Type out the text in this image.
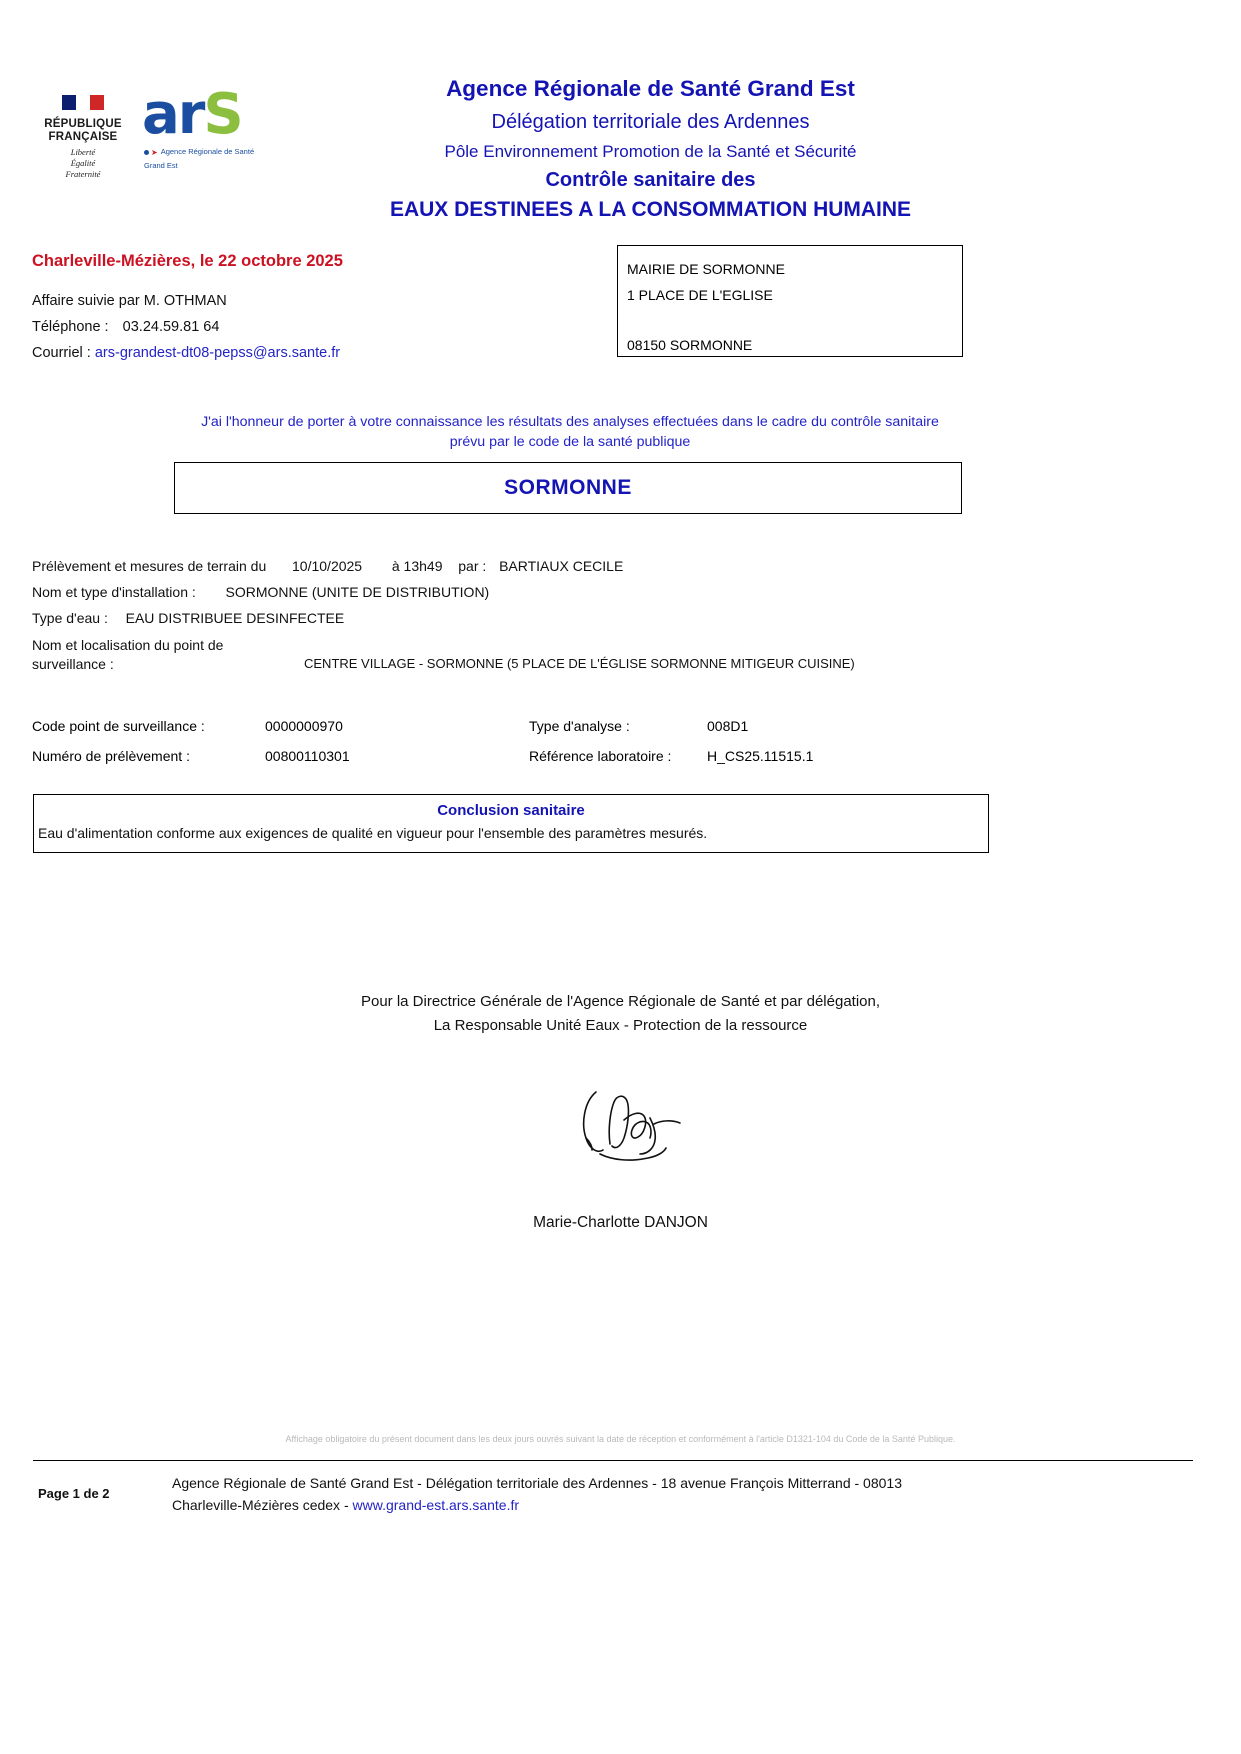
RÉPUBLIQUE
FRANÇAISE
Liberté
Égalité
Fraternité
arS
➤ Agence Régionale de Santé
Grand Est
Agence Régionale de Santé Grand Est
Délégation territoriale des Ardennes
Pôle Environnement Promotion de la Santé et Sécurité
Contrôle sanitaire des
EAUX DESTINEES A LA CONSOMMATION HUMAINE
Charleville-Mézières, le 22 octobre 2025
Affaire suivie par M. OTHMAN
Téléphone : 03.24.59.81 64
Courriel : ars-grandest-dt08-pepss@ars.sante.fr
MAIRIE DE SORMONNE
1 PLACE DE L'EGLISE
08150 SORMONNE
J'ai l'honneur de porter à votre connaissance les résultats des analyses effectuées dans le cadre du contrôle sanitaire
prévu par le code de la santé publique
SORMONNE
Prélèvement et mesures de terrain du 10/10/2025 à 13h49 par : BARTIAUX CECILE
Nom et type d'installation : SORMONNE (UNITE DE DISTRIBUTION)
Type d'eau : EAU DISTRIBUEE DESINFECTEE
Nom et localisation du point de surveillance :	CENTRE VILLAGE - SORMONNE (5 PLACE DE L'ÉGLISE SORMONNE MITIGEUR CUISINE)
Code point de surveillance :	0000000970	Type d'analyse :	008D1
Numéro de prélèvement :	00800110301	Référence laboratoire :	H_CS25.11515.1
Conclusion sanitaire
Eau d'alimentation conforme aux exigences de qualité en vigueur pour l'ensemble des paramètres mesurés.
Pour la Directrice Générale de l'Agence Régionale de Santé et par délégation,
La Responsable Unité Eaux - Protection de la ressource
Marie-Charlotte DANJON
Affichage obligatoire du présent document dans les deux jours ouvrés suivant la date de réception et conformément à l'article D1321-104 du Code de la Santé Publique.
Page 1 de 2
Agence Régionale de Santé Grand Est - Délégation territoriale des Ardennes - 18 avenue François Mitterrand - 08013
Charleville-Mézières cedex - www.grand-est.ars.sante.fr
